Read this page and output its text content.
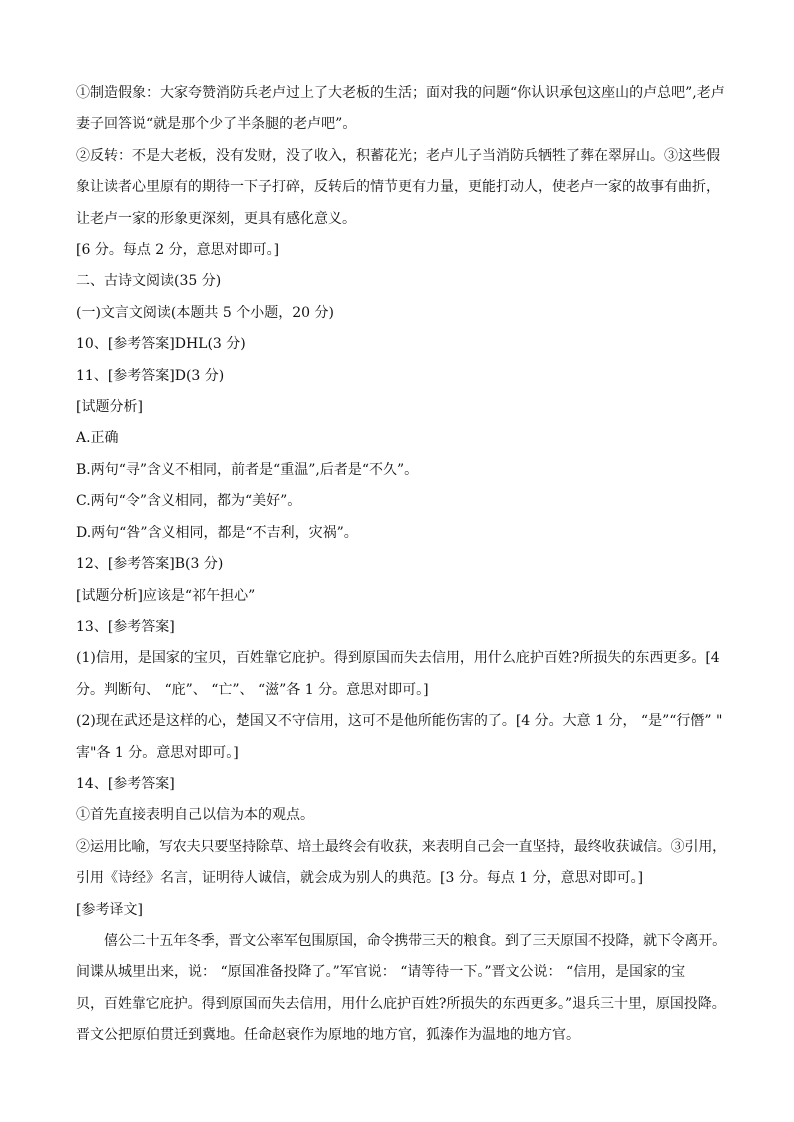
①制造假象：大家夸赞消防兵老卢过上了大老板的生活；面对我的问题“你认识承包这座山的卢总吧”,老卢

妻子回答说“就是那个少了半条腿的老卢吧”。

②反转：不是大老板，没有发财，没了收入，积蓄花光；老卢儿子当消防兵牺牲了葬在翠屏山。③这些假

象让读者心里原有的期待一下子打碎，反转后的情节更有力量，更能打动人，使老卢一家的故事有曲折，

让老卢一家的形象更深刻，更具有感化意义。

[6 分。每点 2 分，意思对即可。]

二、古诗文阅读(35 分)

(一)文言文阅读(本题共 5 个小题，20 分)

10、[参考答案]DHL(3 分)

11、[参考答案]D(3 分)

[试题分析]

A.正确

B.两句“寻”含义不相同，前者是“重温”,后者是“不久”。

C.两句“令”含义相同，都为“美好”。

D.两句“咎”含义相同，都是“不吉利，灾祸”。

12、[参考答案]B(3 分)

[试题分析]应该是“祁午担心”

13、[参考答案]

(1)信用，是国家的宝贝，百姓靠它庇护。得到原国而失去信用，用什么庇护百姓?所损失的东西更多。[4

分。判断句、 “庇”、 “亡”、 “滋”各 1 分。意思对即可。]

(2)现在武还是这样的心，楚国又不守信用，这可不是他所能伤害的了。[4 分。大意 1 分， “是”“行僭” "

害"各 1 分。意思对即可。]

14、[参考答案]

①首先直接表明自己以信为本的观点。

②运用比喻，写农夫只要坚持除草、培土最终会有收获，来表明自己会一直坚持，最终收获诚信。③引用，

引用《诗经》名言，证明待人诚信，就会成为别人的典范。[3 分。每点 1 分，意思对即可。]

[参考译文]

僖公二十五年冬季，晋文公率军包围原国，命令携带三天的粮食。到了三天原国不投降，就下令离开。

间谍从城里出来，说： “原国准备投降了。”军官说： “请等待一下。”晋文公说： “信用，是国家的宝

贝，百姓靠它庇护。得到原国而失去信用，用什么庇护百姓?所损失的东西更多。”退兵三十里，原国投降。

晋文公把原伯贯迁到冀地。任命赵衰作为原地的地方官，狐溱作为温地的地方官。
